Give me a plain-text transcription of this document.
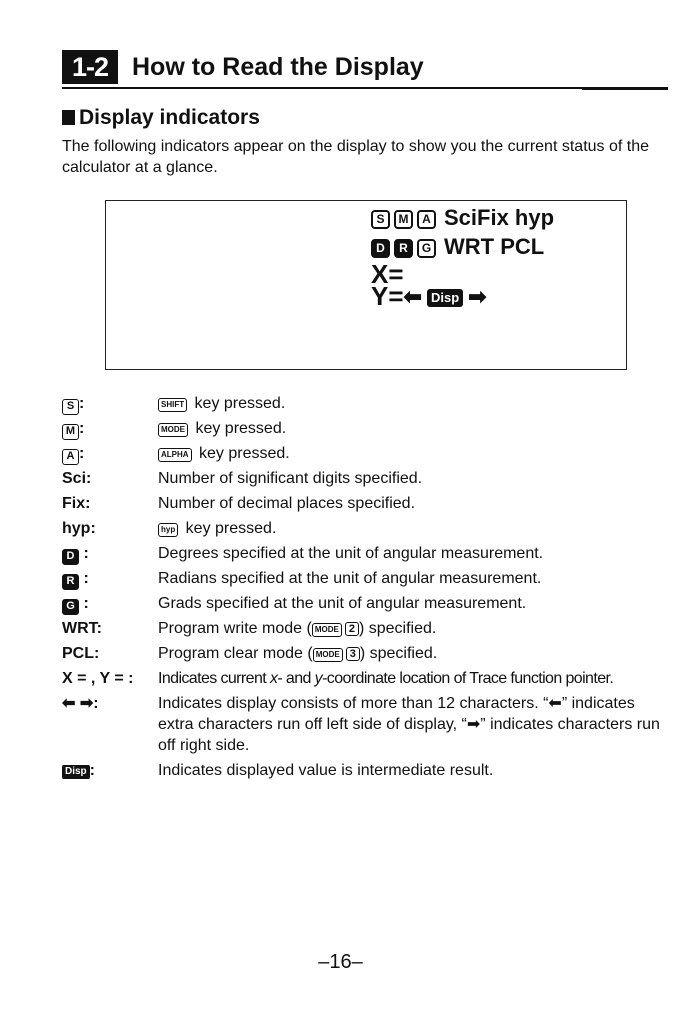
1-2 How to Read the Display
Display indicators
The following indicators appear on the display to show you the current status of the calculator at a glance.
S M A SciFix hyp
D R G WRT PCL
X=
Y=⬅ Disp ➡
S :	SHIFT key pressed.
M :	MODE key pressed.
A :	ALPHA key pressed.
Sci:	Number of significant digits specified.
Fix:	Number of decimal places specified.
hyp:	hyp key pressed.
D :	Degrees specified at the unit of angular measurement.
R :	Radians specified at the unit of angular measurement.
G :	Grads specified at the unit of angular measurement.
WRT:	Program write mode ( MODE 2 ) specified.
PCL:	Program clear mode ( MODE 3 ) specified.
X = , Y = :	Indicates current x- and y-coordinate location of Trace function pointer.
⬅ ➡:	Indicates display consists of more than 12 characters. “⬅” indicates extra characters run off left side of display, “➡” indicates characters run off right side.
Disp :	Indicates displayed value is intermediate result.
–16–
